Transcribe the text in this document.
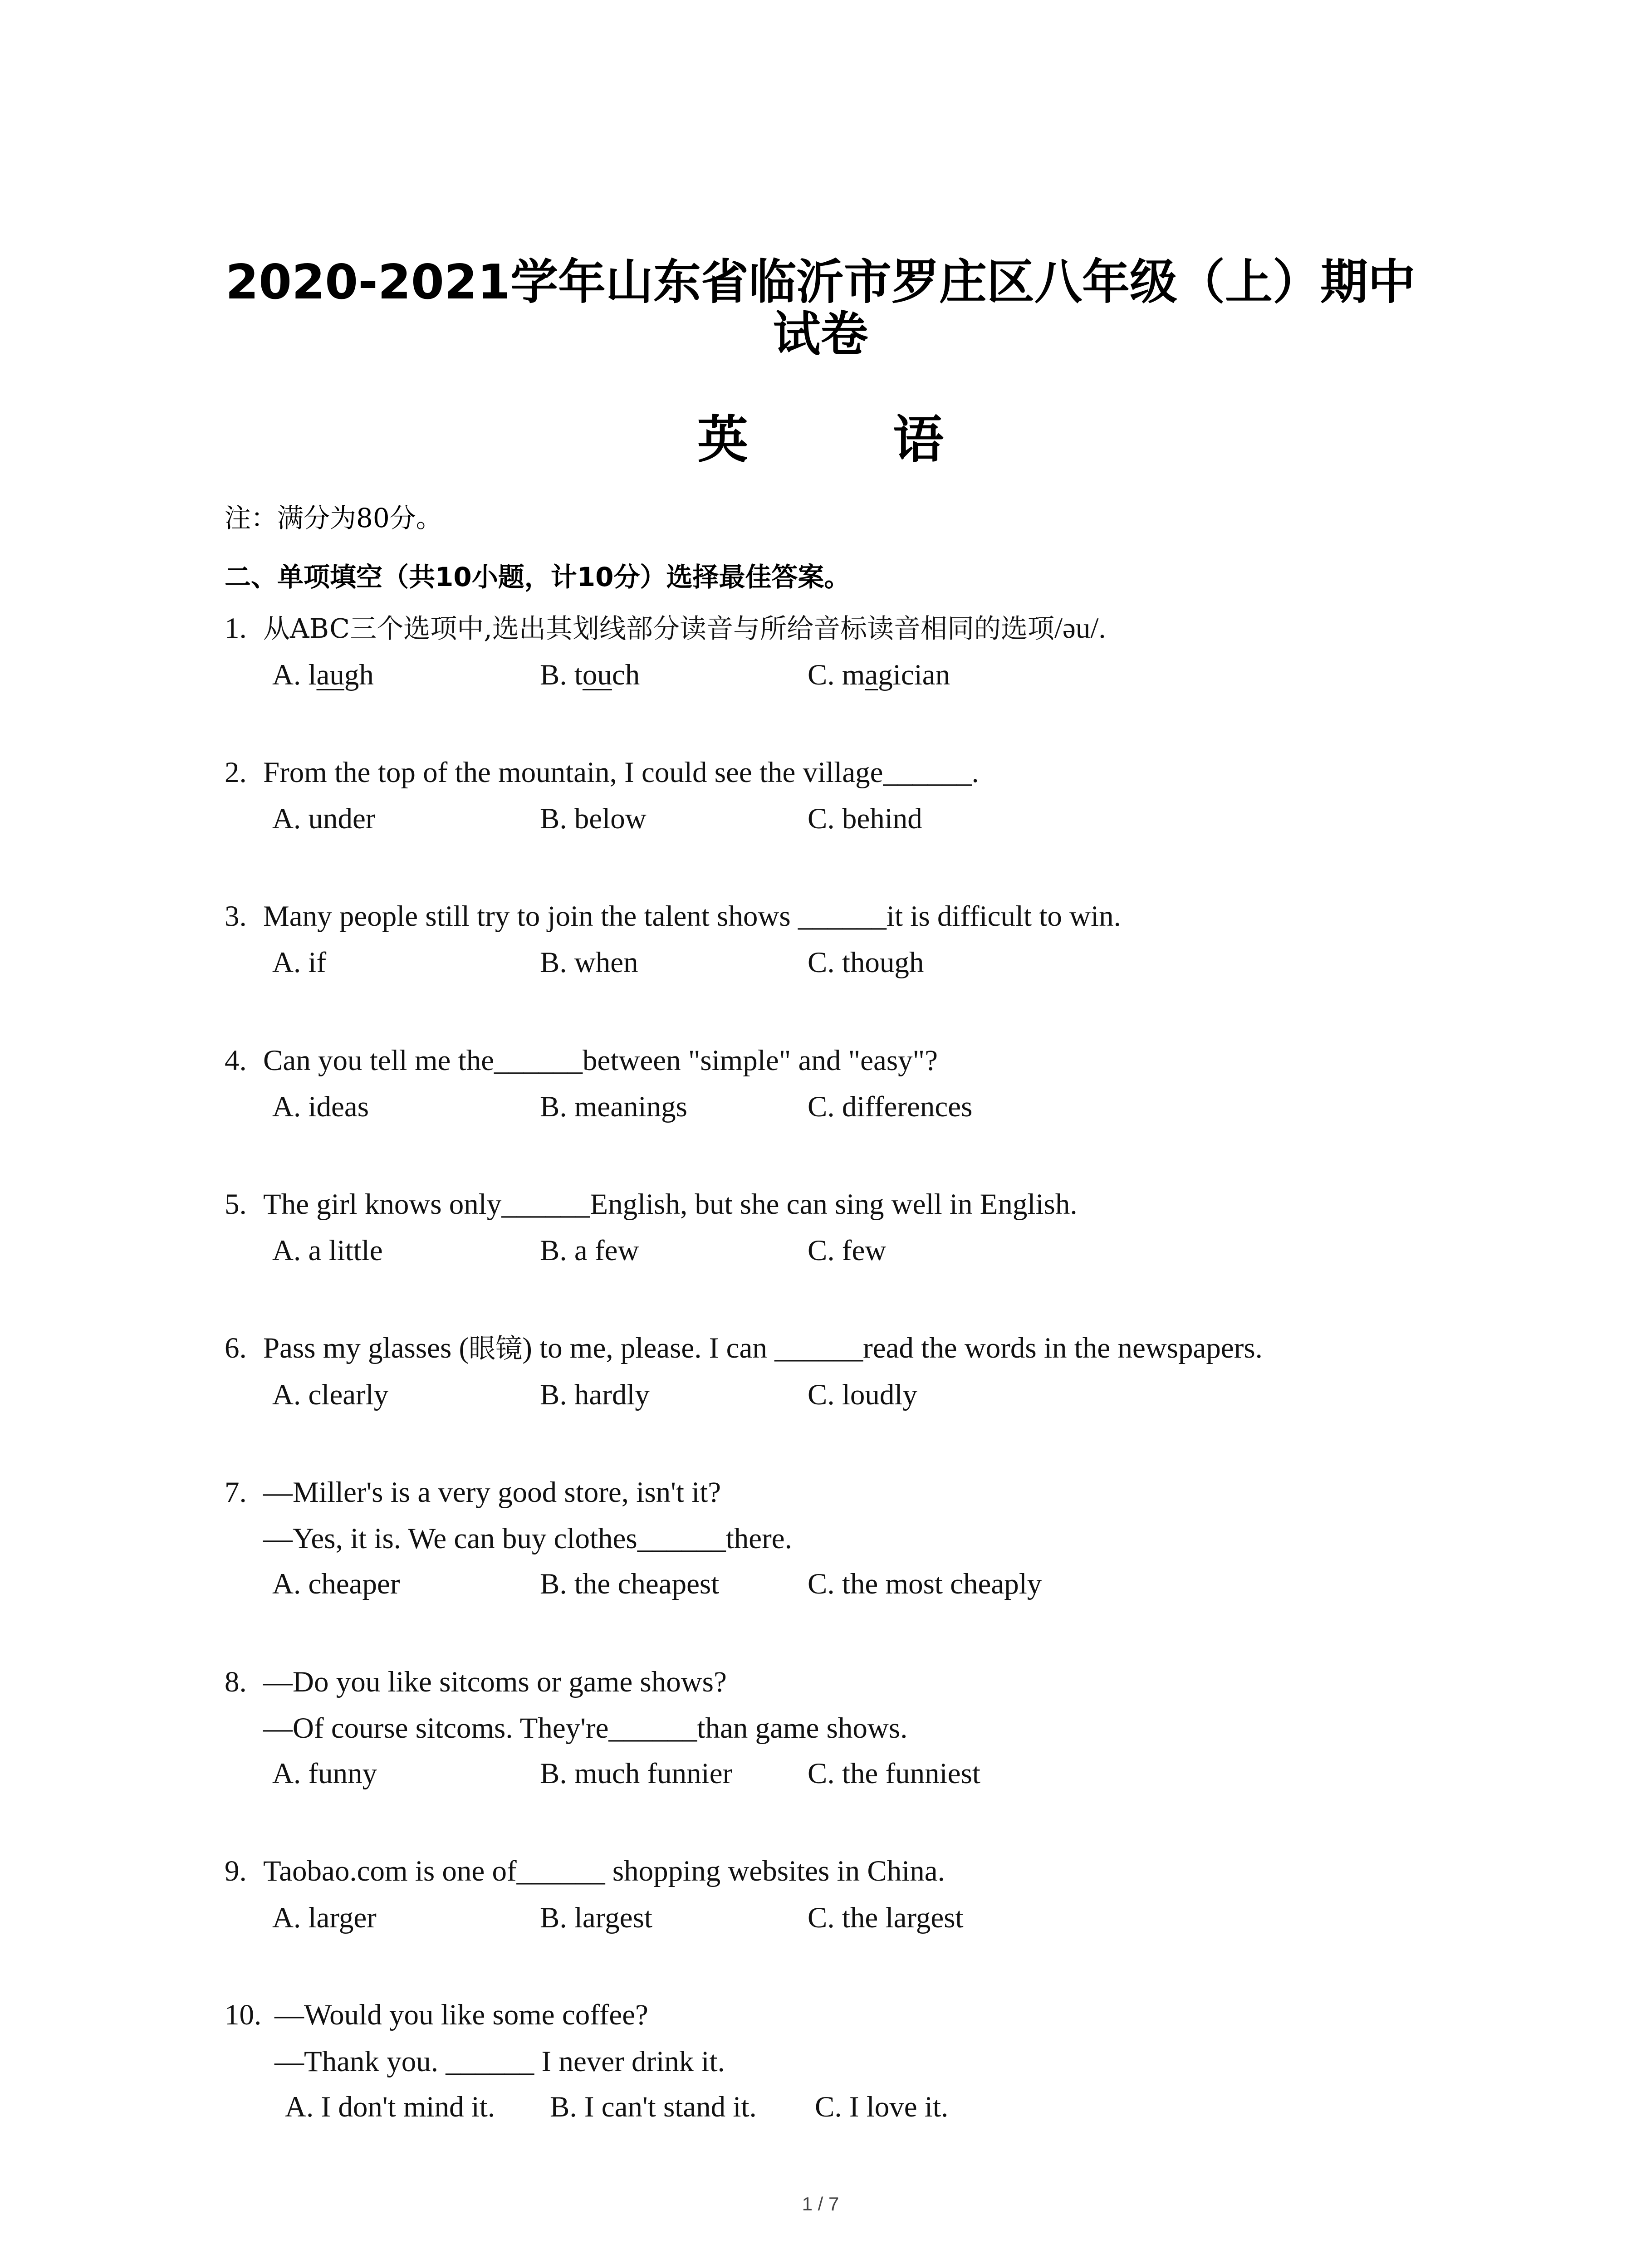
2020-2021学年山东省临沂市罗庄区八年级（上）期中
试卷
英 语
注：满分为80分。
二、单项填空（共10小题，计10分）选择最佳答案。
1. 从ABC三个选项中,选出其划线部分读音与所给音标读音相同的选项/əu/.
A. laugh	B. touch	C. magician
2. From the top of the mountain, I could see the village______.
A. under	B. below	C. behind
3. Many people still try to join the talent shows ______it is difficult to win.
A. if	B. when	C. though
4. Can you tell me the______between "simple" and "easy"?
A. ideas	B. meanings	C. differences
5. The girl knows only______English, but she can sing well in English.
A. a little	B. a few	C. few
6. Pass my glasses (眼镜) to me, please. I can ______read the words in the newspapers.
A. clearly	B. hardly	C. loudly
7. —Miller's is a very good store, isn't it?
—Yes, it is. We can buy clothes______there.
A. cheaper	B. the cheapest	C. the most cheaply
8. —Do you like sitcoms or game shows?
—Of course sitcoms. They're______than game shows.
A. funny	B. much funnier	C. the funniest
9. Taobao.com is one of______ shopping websites in China.
A. larger	B. largest	C. the largest
10. —Would you like some coffee?
—Thank you. ______ I never drink it.
A. I don't mind it. B. I can't stand it. C. I love it.
1 / 7
